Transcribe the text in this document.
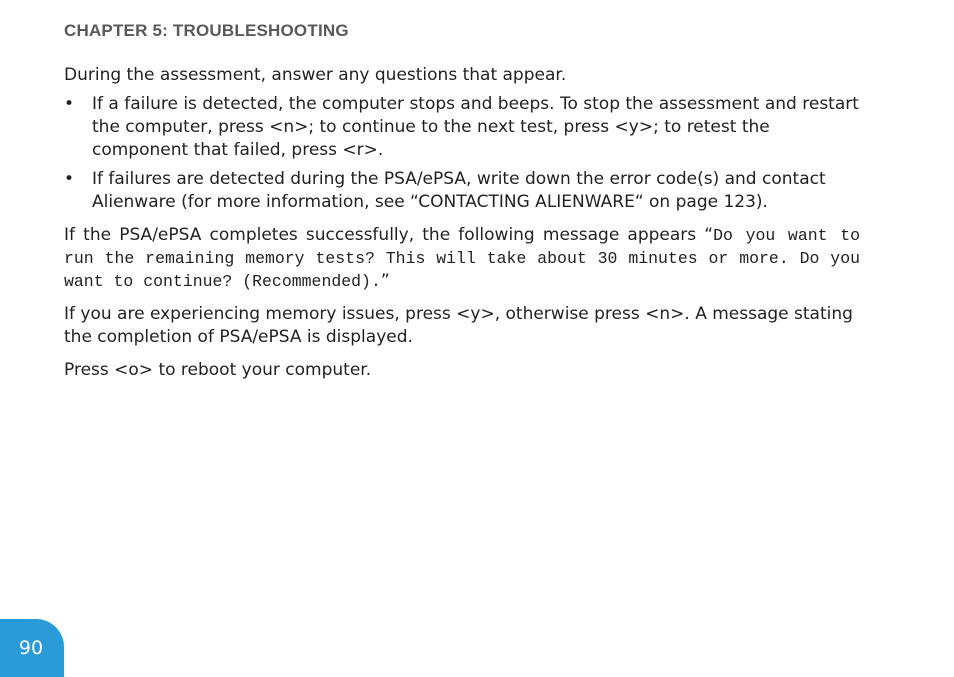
CHAPTER 5: TROUBLESHOOTING

During the assessment, answer any questions that appear.

• If a failure is detected, the computer stops and beeps. To stop the assessment and restart the computer, press <n>; to continue to the next test, press <y>; to retest the component that failed, press <r>.
• If failures are detected during the PSA/ePSA, write down the error code(s) and contact Alienware (for more information, see “CONTACTING ALIENWARE“ on page 123).

If the PSA/ePSA completes successfully, the following message appears “Do you want to run the remaining memory tests? This will take about 30 minutes or more. Do you want to continue? (Recommended).”

If you are experiencing memory issues, press <y>, otherwise press <n>. A message stating the completion of PSA/ePSA is displayed.

Press <o> to reboot your computer.

90
